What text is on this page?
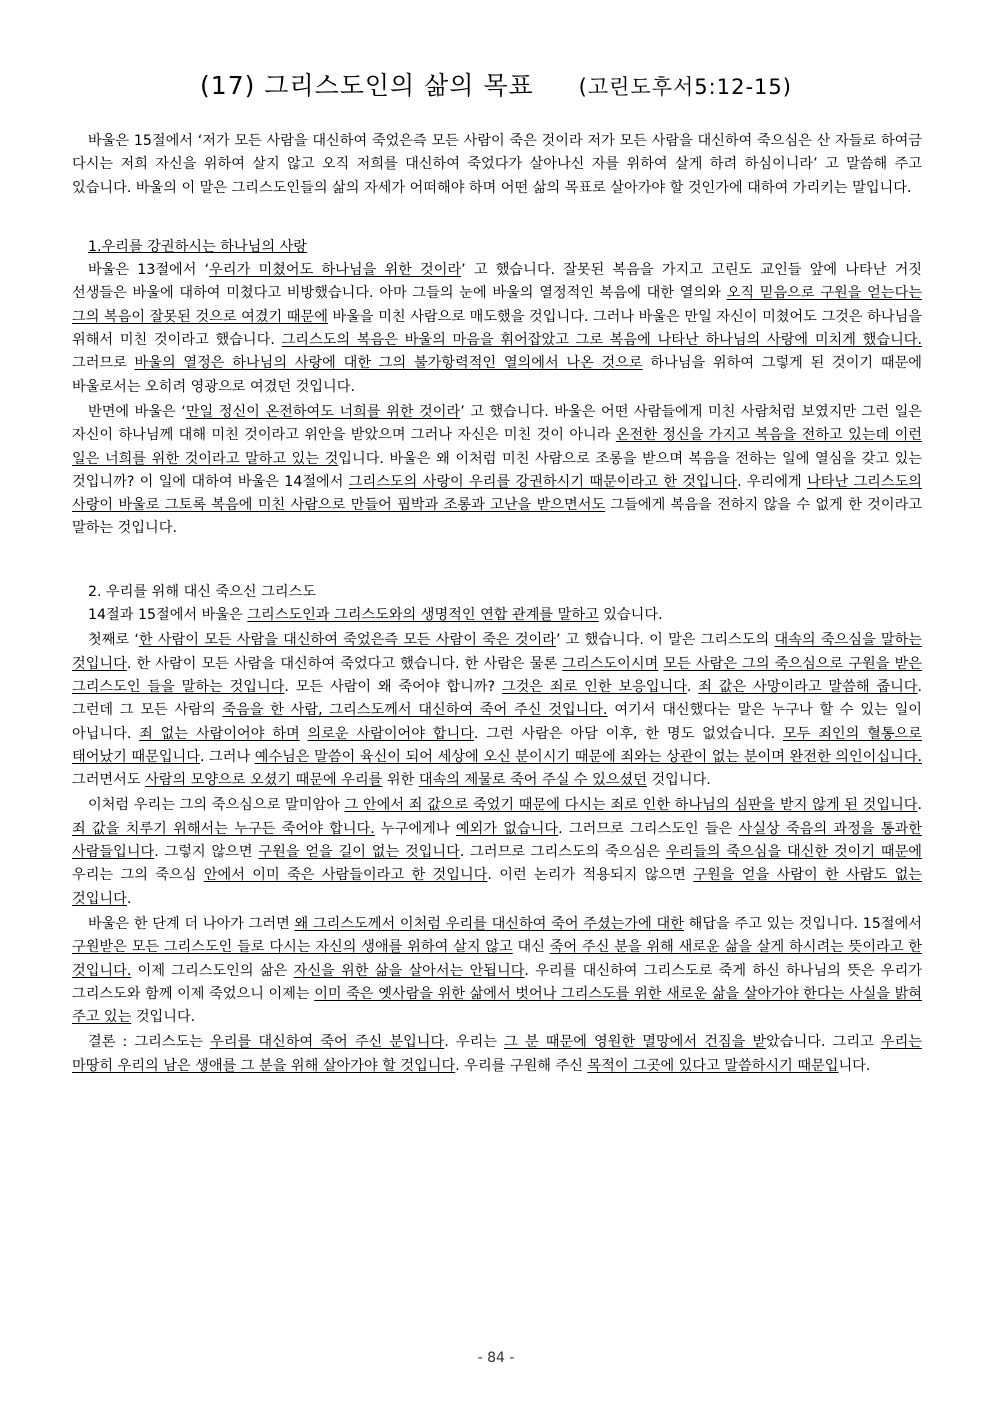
(17) 그리스도인의 삶의 목표 (고린도후서5:12-15)

바울은 15절에서 ‘저가 모든 사람을 대신하여 죽었은즉 모든 사람이 죽은 것이라 저가 모든 사람을 대신하여 죽으심은 산 자들로 하여금 다시는 저희 자신을 위하여 살지 않고 오직 저희를 대신하여 죽었다가 살아나신 자를 위하여 살게 하려 하심이니라’ 고 말씀해 주고 있습니다. 바울의 이 말은 그리스도인들의 삶의 자세가 어떠해야 하며 어떤 삶의 목표로 살아가야 할 것인가에 대하여 가리키는 말입니다.

1.우리를 강권하시는 하나님의 사랑

바울은 13절에서 ‘우리가 미쳤어도 하나님을 위한 것이라’ 고 했습니다. 잘못된 복음을 가지고 고린도 교인들 앞에 나타난 거짓 선생들은 바울에 대하여 미쳤다고 비방했습니다. 아마 그들의 눈에 바울의 열정적인 복음에 대한 열의와 오직 믿음으로 구원을 얻는다는 그의 복음이 잘못된 것으로 여겼기 때문에 바울을 미친 사람으로 매도했을 것입니다. 그러나 바울은 만일 자신이 미쳤어도 그것은 하나님을 위해서 미친 것이라고 했습니다. 그리스도의 복음은 바울의 마음을 휘어잡았고 그로 복음에 나타난 하나님의 사랑에 미치게 했습니다. 그러므로 바울의 열정은 하나님의 사랑에 대한 그의 불가항력적인 열의에서 나온 것으로 하나님을 위하여 그렇게 된 것이기 때문에 바울로서는 오히려 영광으로 여겼던 것입니다.

반면에 바울은 ‘만일 정신이 온전하여도 너희를 위한 것이라’ 고 했습니다. 바울은 어떤 사람들에게 미친 사람처럼 보였지만 그런 일은 자신이 하나님께 대해 미친 것이라고 위안을 받았으며 그러나 자신은 미친 것이 아니라 온전한 정신을 가지고 복음을 전하고 있는데 이런 일은 너희를 위한 것이라고 말하고 있는 것입니다. 바울은 왜 이처럼 미친 사람으로 조롱을 받으며 복음을 전하는 일에 열심을 갖고 있는 것입니까? 이 일에 대하여 바울은 14절에서 그리스도의 사랑이 우리를 강권하시기 때문이라고 한 것입니다. 우리에게 나타난 그리스도의 사랑이 바울로 그토록 복음에 미친 사람으로 만들어 핍박과 조롱과 고난을 받으면서도 그들에게 복음을 전하지 않을 수 없게 한 것이라고 말하는 것입니다.

2. 우리를 위해 대신 죽으신 그리스도

14절과 15절에서 바울은 그리스도인과 그리스도와의 생명적인 연합 관계를 말하고 있습니다.

첫째로 ‘한 사람이 모든 사람을 대신하여 죽었은즉 모든 사람이 죽은 것이라’ 고 했습니다. 이 말은 그리스도의 대속의 죽으심을 말하는 것입니다. 한 사람이 모든 사람을 대신하여 죽었다고 했습니다. 한 사람은 물론 그리스도이시며 모든 사람은 그의 죽으심으로 구원을 받은 그리스도인 들을 말하는 것입니다. 모든 사람이 왜 죽어야 합니까? 그것은 죄로 인한 보응입니다. 죄 값은 사망이라고 말씀해 줍니다. 그런데 그 모든 사람의 죽음을 한 사람, 그리스도께서 대신하여 죽어 주신 것입니다. 여기서 대신했다는 말은 누구나 할 수 있는 일이 아닙니다. 죄 없는 사람이어야 하며 의로운 사람이어야 합니다. 그런 사람은 아담 이후, 한 명도 없었습니다. 모두 죄인의 혈통으로 태어났기 때문입니다. 그러나 예수님은 말씀이 육신이 되어 세상에 오신 분이시기 때문에 죄와는 상관이 없는 분이며 완전한 의인이십니다. 그러면서도 사람의 모양으로 오셨기 때문에 우리를 위한 대속의 제물로 죽어 주실 수 있으셨던 것입니다.

이처럼 우리는 그의 죽으심으로 말미암아 그 안에서 죄 값으로 죽었기 때문에 다시는 죄로 인한 하나님의 심판을 받지 않게 된 것입니다. 죄 값을 치루기 위해서는 누구든 죽어야 합니다. 누구에게나 예외가 없습니다. 그러므로 그리스도인 들은 사실상 죽음의 과정을 통과한 사람들입니다. 그렇지 않으면 구원을 얻을 길이 없는 것입니다. 그러므로 그리스도의 죽으심은 우리들의 죽으심을 대신한 것이기 때문에 우리는 그의 죽으심 안에서 이미 죽은 사람들이라고 한 것입니다. 이런 논리가 적용되지 않으면 구원을 얻을 사람이 한 사람도 없는 것입니다.

바울은 한 단계 더 나아가 그러면 왜 그리스도께서 이처럼 우리를 대신하여 죽어 주셨는가에 대한 해답을 주고 있는 것입니다. 15절에서 구원받은 모든 그리스도인 들로 다시는 자신의 생애를 위하여 살지 않고 대신 죽어 주신 분을 위해 새로운 삶을 살게 하시려는 뜻이라고 한 것입니다. 이제 그리스도인의 삶은 자신을 위한 삶을 살아서는 안됩니다. 우리를 대신하여 그리스도로 죽게 하신 하나님의 뜻은 우리가 그리스도와 함께 이제 죽었으니 이제는 이미 죽은 옛사람을 위한 삶에서 벗어나 그리스도를 위한 새로운 삶을 살아가야 한다는 사실을 밝혀 주고 있는 것입니다.

결론 : 그리스도는 우리를 대신하여 죽어 주신 분입니다. 우리는 그 분 때문에 영원한 멸망에서 건짐을 받았습니다. 그리고 우리는 마땅히 우리의 남은 생애를 그 분을 위해 살아가야 할 것입니다. 우리를 구원해 주신 목적이 그곳에 있다고 말씀하시기 때문입니다.

- 84 -
